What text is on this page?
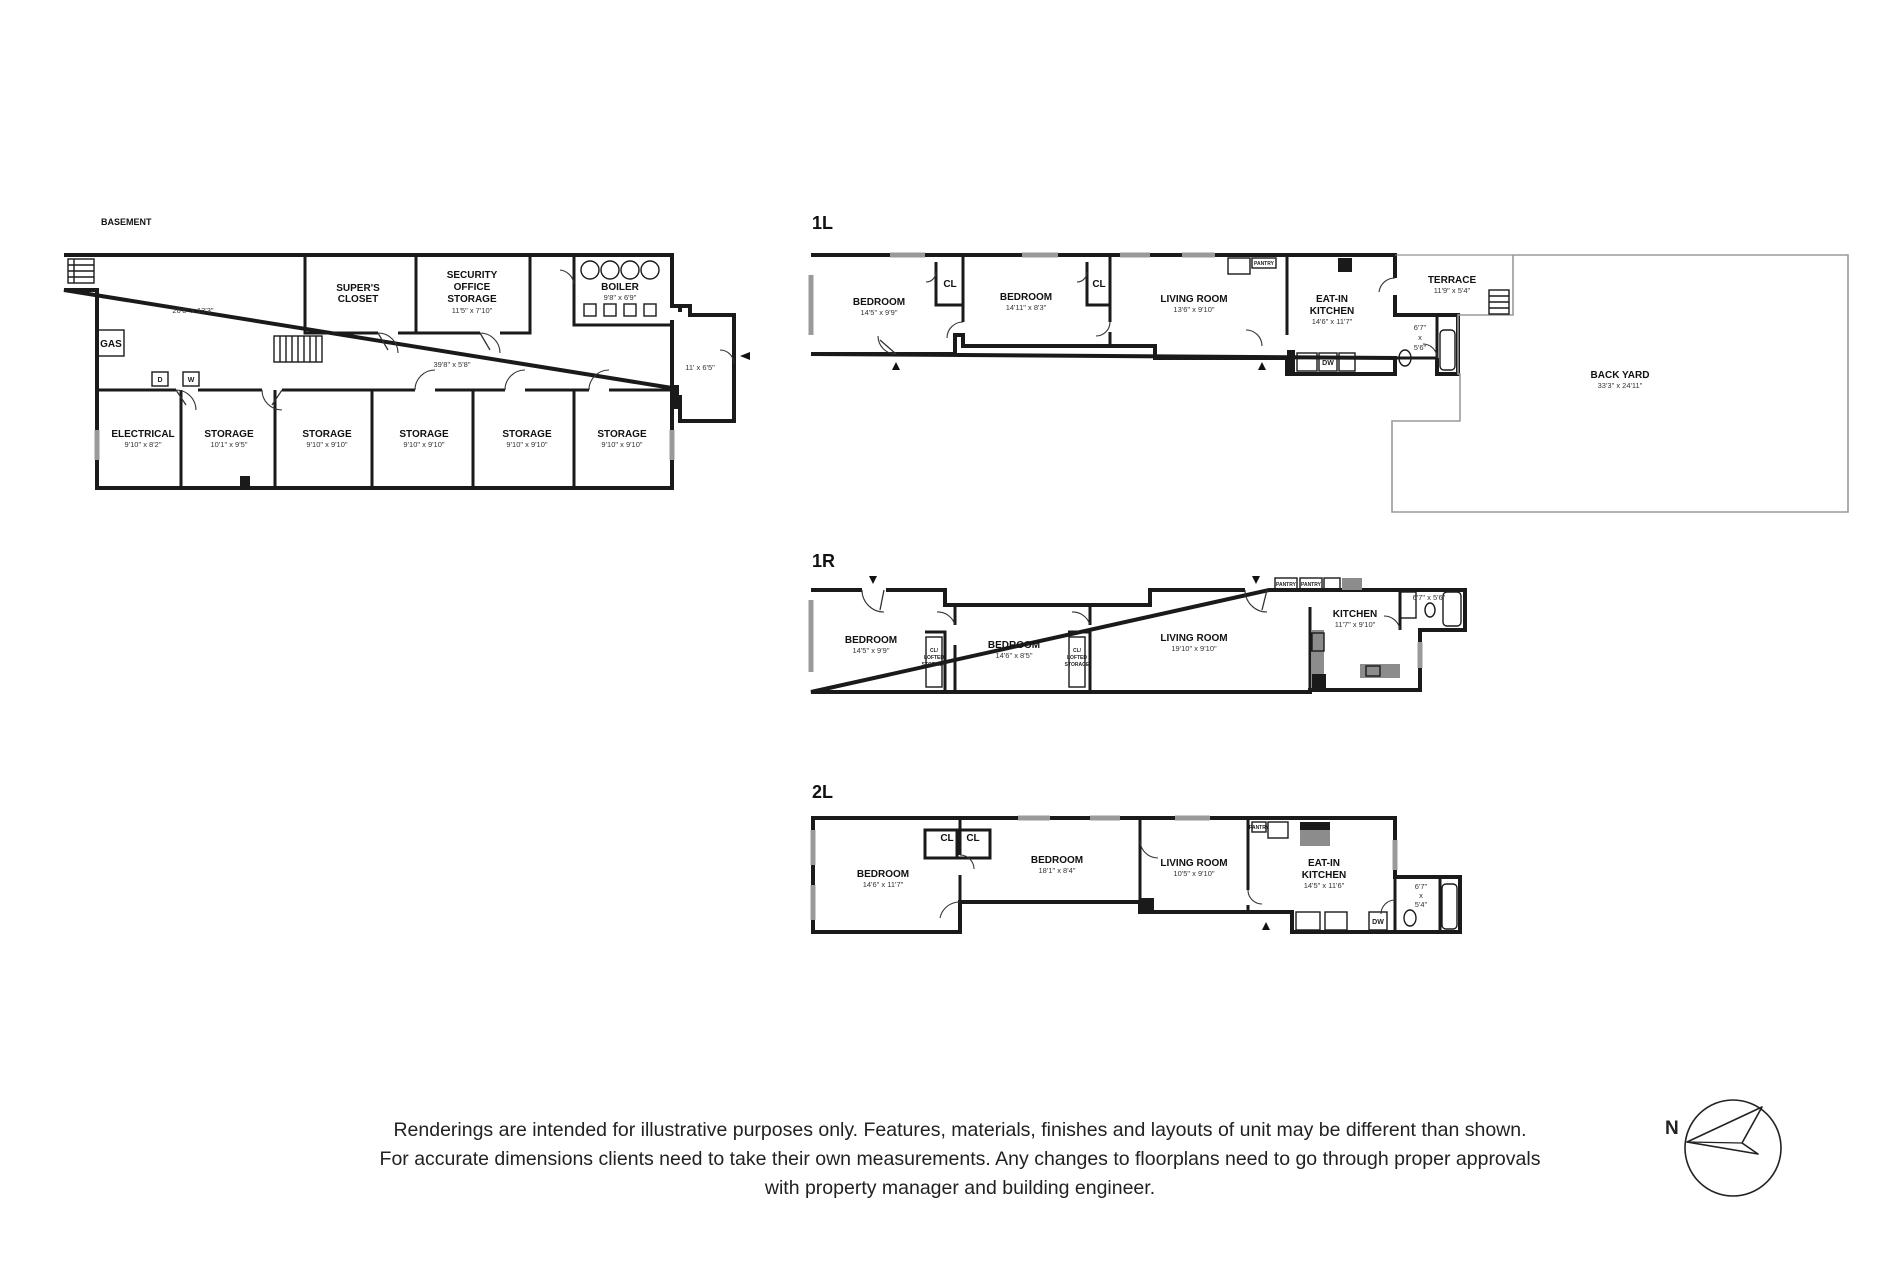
BASEMENT
GAS
D	W
20'8" x 13'3"
SUPER'S
CLOSET
SECURITY
OFFICE
STORAGE
11'5" x 7'10"
BOILER
9'8" x 6'9"
39'8" x 5'8"	11' x 6'5"
ELECTRICAL
9'10" x 8'2"
STORAGE
10'1" x 9'5"
STORAGE
9'10" x 9'10"
STORAGE
9'10" x 9'10"
STORAGE
9'10" x 9'10"
STORAGE
9'10" x 9'10"
1L
PANTRY
DW
BEDROOM
14'5" x 9'9"
CL
BEDROOM
14'11" x 8'3"
CL
LIVING ROOM
13'6" x 9'10"
EAT-IN
KITCHEN
14'6" x 11'7"
TERRACE
11'9" x 5'4"
6'7"
x
5'6"
BACK YARD
33'3" x 24'11"
1R
PANTRY PANTRY
CL/
LOFTED
STORAGE
CL/
LOFTED
STORAGE
BEDROOM
14'5" x 9'9"	BEDROOM
14'6" x 8'5"
LIVING ROOM
19'10" x 9'10"
KITCHEN
11'7" x 9'10"
6'7" x 5'6"
2L
PANTRY
DW
CL CL
BEDROOM
14'6" x 11'7"
BEDROOM
18'1" x 8'4"
LIVING ROOM
10'5" x 9'10"
EAT-IN
KITCHEN
14'5" x 11'6"	6'7"
x
5'4"
Renderings are intended for illustrative purposes only. Features, materials, finishes and layouts of unit may be different than shown.
For accurate dimensions clients need to take their own measurements. Any changes to floorplans need to go through proper approvals
with property manager and building engineer.
N
